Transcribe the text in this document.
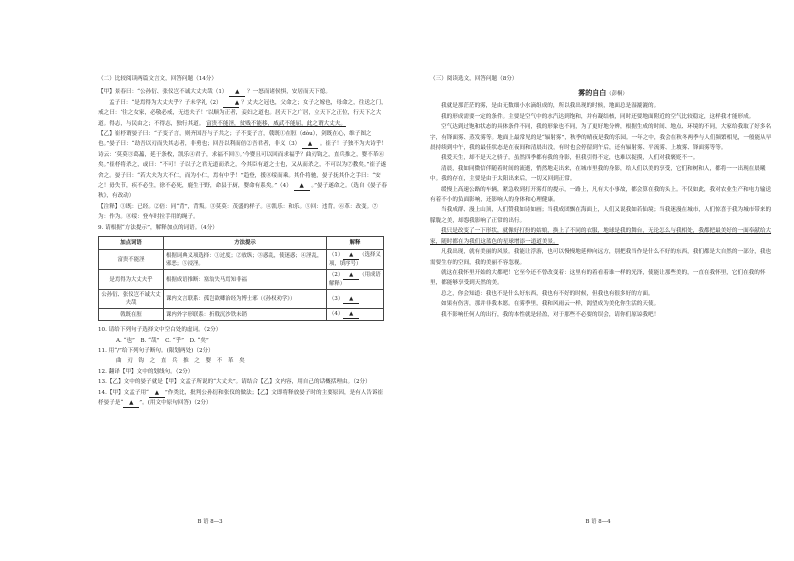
（二）比较阅读两篇文言文，回答问题（14分）

【甲】景春曰：“公孙衍、张仪岂不诚大丈夫哉（1） ▲ ？一怒而诸侯惧，安居而天下熄。

孟子曰：“是焉得为大丈夫乎？子未学礼（2） ▲ ？丈夫之冠也，父命之；女子之嫁也，母命之，往送之门，戒之曰：‘往之女家，必敬必戒，无违夫子！’以顺为正者，妾妇之道也。居天下之广居，立天下之正位，行天下之大道。得志，与民由之；不得志，独行其道。 富贵不能淫，贫贱不能移，威武不能屈，此之谓大丈夫。

【乙】崔杼谓晏子曰：“子变子言，则齐国吾与子共之；子不变子言，戟既①在脰（dòu），剑既在心，维子图之也。”晏子曰：“劫吾以刃而失其志者，非勇也；回吾以利而倍②吾君者，非义（3） ▲ 。崔子！子独不为夫诗乎！诗云：‘莫莫③葛藟，延于条枚，凯乐④君子，求福不回⑤。’今婴且可以回而求福乎？曲刃钩之，直兵推之，婴不革⑥矣。”崔杼将杀之，或曰：“不可！子以子之君无道而杀之，今其臣有道之士也，又从而杀之，不可以为⑦教矣。”崔子遂舍之。晏子曰：“若大夫为大不仁，而为小仁，焉有中乎！”趋登，援⑧绥而乘。其仆将驰，晏子抚其仆之手曰：“安之！毋失节，疾不必生，徐不必死，鹿生于野，命县于厨，婴命有系矣。”（4） ▲ 。”晏子遂命之。（选自《晏子春秋》，有改动）

【注释】①既：已经。②倍：同“背”，背叛。③莫莫：茂盛的样子。④凯乐：和乐。⑤回：违背。⑥革：改变。⑦为：作为。⑧绥：登车时拉手用的绳子。

9. 请根据“方法提示”，解释加点的词语。（4分）

加点词语	方法提示	解释
富贵不能淫	根据词典义项选择：①过度；②放纵；③惑乱，使迷惑；④淫乱，邪恶；⑤浸淫。	（1） ▲ （选择义项，填序号）
是焉得为大丈夫乎	根据成语推断：塞翁失马焉知非福	（2） ▲ （用成语解释）
公孙衍、张仪岂不诚大丈夫哉	课内文言联系：孤岂欲卿治经为博士邪（《孙权劝学》）	（3） ▲
戟既在脰	课内外字形联系：折戟沉沙铁未销	（4） ▲

10. 请给下列句子选择文中空白处的虚词。（2分）

A. “也”　B. “哉”　C. “乎”　D. “矣”

11. 用“/”给下列句子断句。(限划两处)（2分）

曲　刃　钩　之　直　兵　推　之　婴　不　革　矣

12. 翻译【甲】文中的划线句。（2分）

13.【乙】文中的晏子就是【甲】文孟子所说的“大丈夫”。请结合【乙】文内容，用自己的话概括理由。（2分）

14.【甲】文孟子用“ ▲ ”作类比，批判公孙衍和张仪的做法；【乙】文即将释放晏子时的主要原因，是有人告诉崔杼晏子是“ ▲ ”。(用文中原句回答)（2分）

B 语 8—3

（三）阅读选文，回答问题（8分）

雾的自白（彭桐）

我就是那茫茫的雾，是由无数细小水滴组成的，所以我出现的时候，地面总是湿漉漉的。

我的形成需要一定的条件。主要是空气中的水汽达到饱和，并有凝结核，同时还要地面附近的空气比较稳定，这样我才能形成。

空气达到过饱和状态的具体条件不同，我的形象也不同，为了更好地分辨，根据生成的时间、地点、环境的不同，大家给我取了好多名字，有锋面雾、蒸发雾等。地面上最常见的是“辐射雾”，秋季的晴夜是我的乐园。一年之中，我会在秋冬两季与人们频繁相见，一般能从早晨持续到中午，我的最佳状态是在夜间和清晨出没，有时也会停留到午后，还有辐射雾、平流雾、上坡雾、锋面雾等等。

我爱天生，却不是天之骄子，虽然四季都有我的身影，但我引得不定，也难以捉摸，人们对我褒贬不一。

清晨，我如同微信伴随着时间的流逝，悄然地走出来，在城市里我的身影，给人们以美的享受，它们和树和人，都将一一出现在晨曦中。我的存在，主要是由于太阳出来后，一切又回到正常。

缓慢上高速公路的车辆，紧急收到打开雾灯的提示，一路上，凡有大小事故，都会算在我的头上。不仅如此，我对农业生产和电力输送有着不小的负面影响，还影响人的身体和心理健康。

当我成群、漫上山顶，人们赞我如诗如画；当我成团飘在海面上，人们又说我如若仙境；当我迷漫在城市，人们惊喜于我为城市带来的朦胧之美，却怨我影响了正常的出行。

我只是改变了一下形状，就像好打扮的姑娘，换上了不同的衣服，地球是我的舞台，无论怎么与我相处，我都把最美好的一面奉献给大家，随时都在为我们这蓝色的星球增添一道道美景。

凡我出现，就有美丽的风景。我能让浮游，也可以慢慢地延伸向远方，别把我当作是什么不好的东西，我们都是大自然的一部分，我也需要生存的空间，我的美丽不容忽视。

就这在我怀里开始的大都吧！它至今还不曾改变着：这里有的着看着谁一样的光泽，使能让那些美的，一直在我怀里，它们在我的怀里，都能够享受到天然的美。

总之，你会知道：我也不是什么好东西，我也有不好的时候，但我也有很多好的方面。

如果有伤害，那并非我本愿。在雾季里，我和风雨云一样，渴望成为美化你生活的天使。

我不影响任何人的出行，我的本性就是轻盈，对于那些不必要的误会，请你们原谅我吧！

B 语 8—4
